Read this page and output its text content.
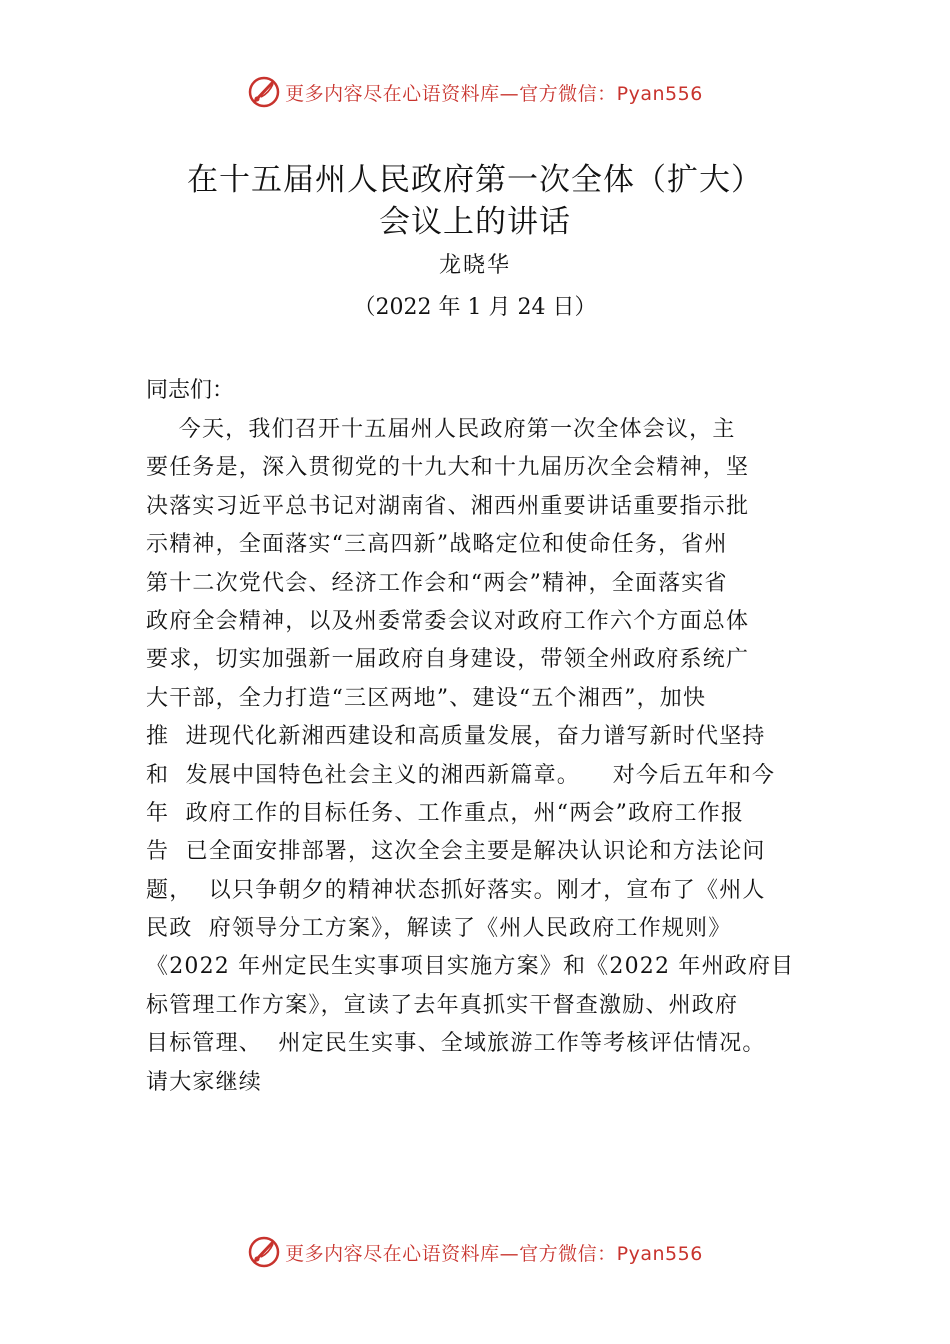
更多内容尽在心语资料库—官方微信：Pyan556
在十五届州人民政府第一次全体（扩大）
会议上的讲话
龙晓华
（2022 年 1 月 24 日）
同志们：
今天，我们召开十五届州人民政府第一次全体会议，主
要任务是，深入贯彻党的十九大和十九届历次全会精神，坚
决落实习近平总书记对湖南省、湘西州重要讲话重要指示批
示精神，全面落实“三高四新”战略定位和使命任务，省州
第十二次党代会、经济工作会和“两会”精神，全面落实省
政府全会精神，以及州委常委会议对政府工作六个方面总体
要求，切实加强新一届政府自身建设，带领全州政府系统广
大干部，全力打造“三区两地”、建设“五个湘西”，加快
推  进现代化新湘西建设和高质量发展，奋力谱写新时代坚持
和  发展中国特色社会主义的湘西新篇章。    对今后五年和今
年  政府工作的目标任务、工作重点，州“两会”政府工作报
告  已全面安排部署，这次全会主要是解决认识论和方法论问
题，  以只争朝夕的精神状态抓好落实。刚才，宣布了《州人
民政  府领导分工方案》，解读了《州人民政府工作规则》
《2022 年州定民生实事项目实施方案》和《2022 年州政府目
标管理工作方案》，宣读了去年真抓实干督查激励、州政府
目标管理、  州定民生实事、全域旅游工作等考核评估情况。
请大家继续
更多内容尽在心语资料库—官方微信：Pyan556
